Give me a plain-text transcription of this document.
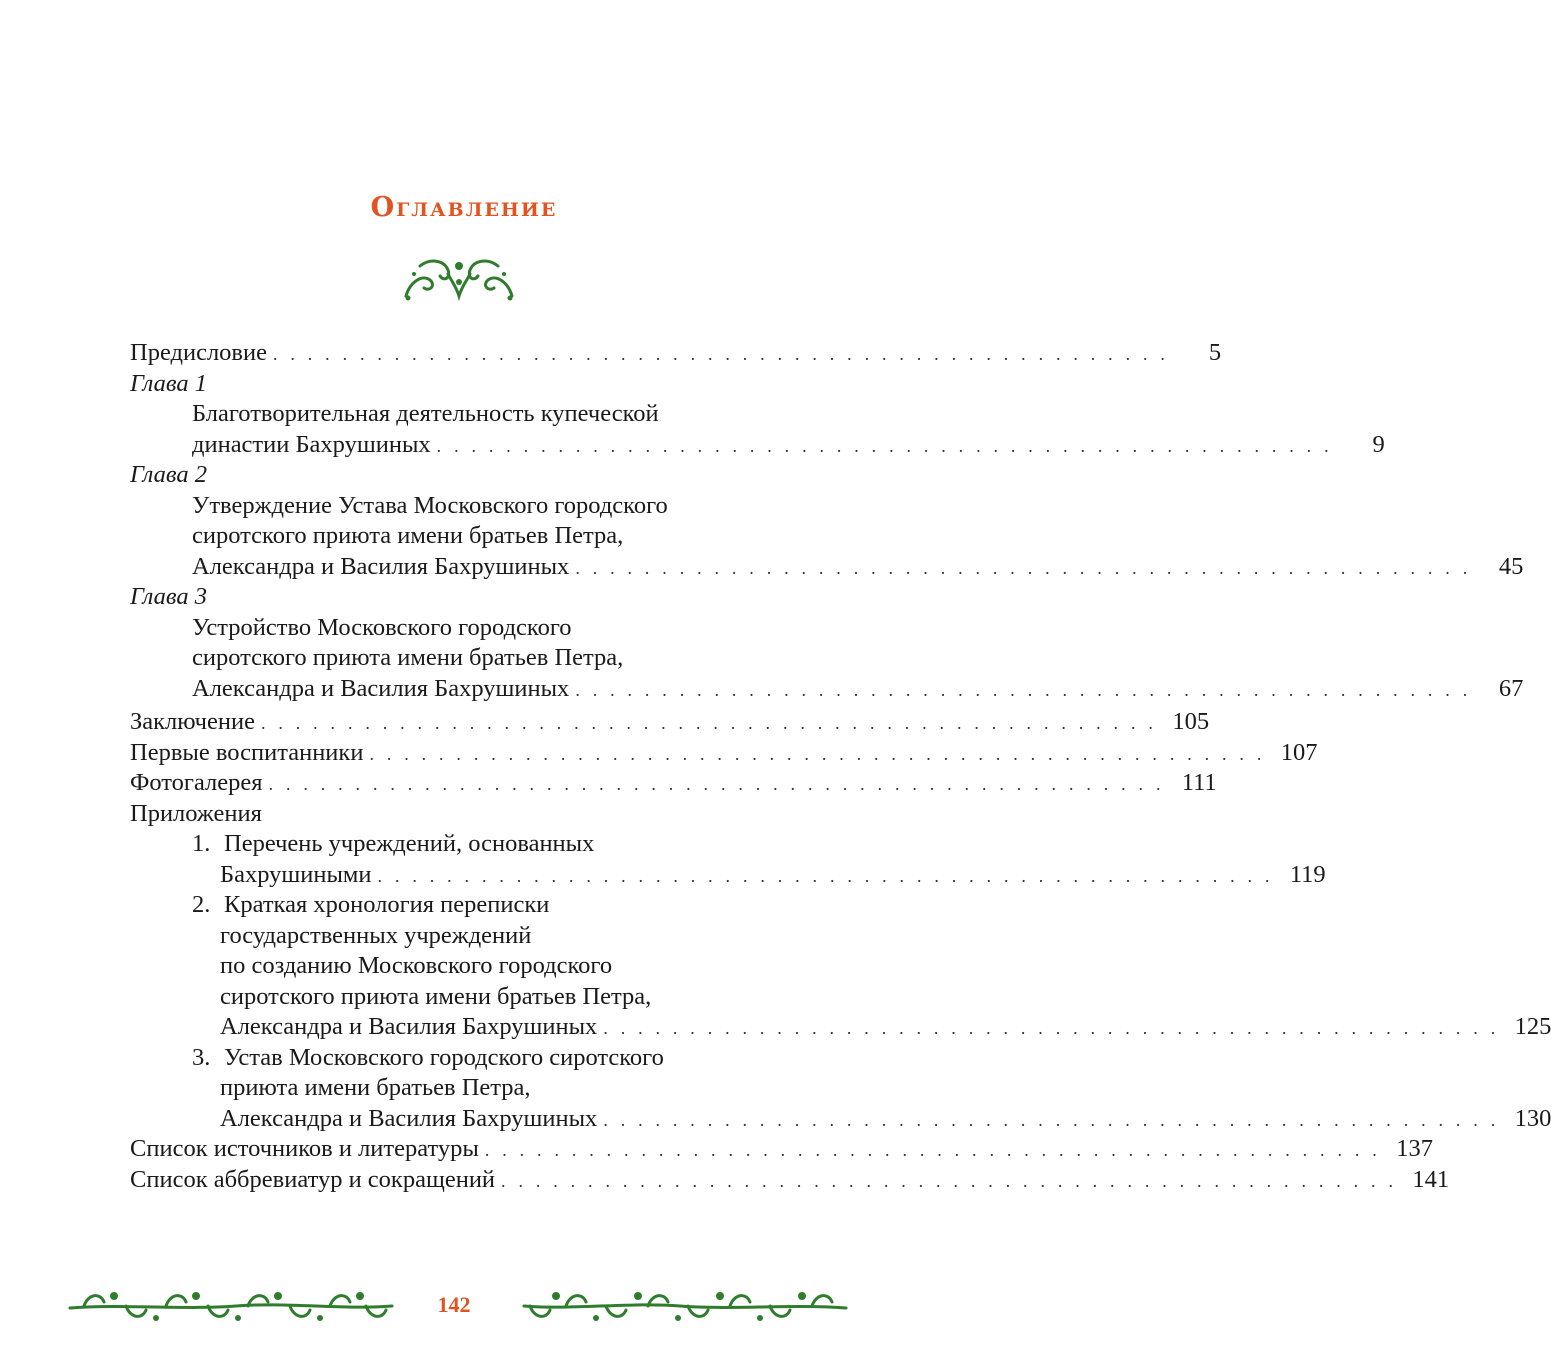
Оглавление
Предисловие . . . . . . . . . . . . . . . . . . . . . . . . . . . . . . . . . . . . . . . . . . . . . . . . . . . .	5
Глава 1
Благотворительная деятельность купеческой
династии Бахрушиных . . . . . . . . . . . . . . . . . . . . . . . . . . . . . . . . . . . . . . . . . . . . . . . . . . . .	9
Глава 2
Утверждение Устава Московского городского
сиротского приюта имени братьев Петра,
Александра и Василия Бахрушиных . . . . . . . . . . . . . . . . . . . . . . . . . . . . . . . . . . . . . . . . . . . . . . . . . . . .	45
Глава 3
Устройство Московского городского
сиротского приюта имени братьев Петра,
Александра и Василия Бахрушиных . . . . . . . . . . . . . . . . . . . . . . . . . . . . . . . . . . . . . . . . . . . . . . . . . . . .	67
Заключение . . . . . . . . . . . . . . . . . . . . . . . . . . . . . . . . . . . . . . . . . . . . . . . . . . . . 105
Первые воспитанники . . . . . . . . . . . . . . . . . . . . . . . . . . . . . . . . . . . . . . . . . . . . . . . . . . . . 107
Фотогалерея . . . . . . . . . . . . . . . . . . . . . . . . . . . . . . . . . . . . . . . . . . . . . . . . . . . . 111
Приложения
1. Перечень учреждений, основанных
Бахрушиными . . . . . . . . . . . . . . . . . . . . . . . . . . . . . . . . . . . . . . . . . . . . . . . . . . . . 119
2. Краткая хронология переписки
государственных учреждений
по созданию Московского городского
сиротского приюта имени братьев Петра,
Александра и Василия Бахрушиных . . . . . . . . . . . . . . . . . . . . . . . . . . . . . . . . . . . . . . . . . . . . . . . . . . . . 125
3. Устав Московского городского сиротского
приюта имени братьев Петра,
Александра и Василия Бахрушиных . . . . . . . . . . . . . . . . . . . . . . . . . . . . . . . . . . . . . . . . . . . . . . . . . . . . 130
Список источников и литературы . . . . . . . . . . . . . . . . . . . . . . . . . . . . . . . . . . . . . . . . . . . . . . . . . . . . 137
Список аббревиатур и сокращений . . . . . . . . . . . . . . . . . . . . . . . . . . . . . . . . . . . . . . . . . . . . . . . . . . . . 141
142
